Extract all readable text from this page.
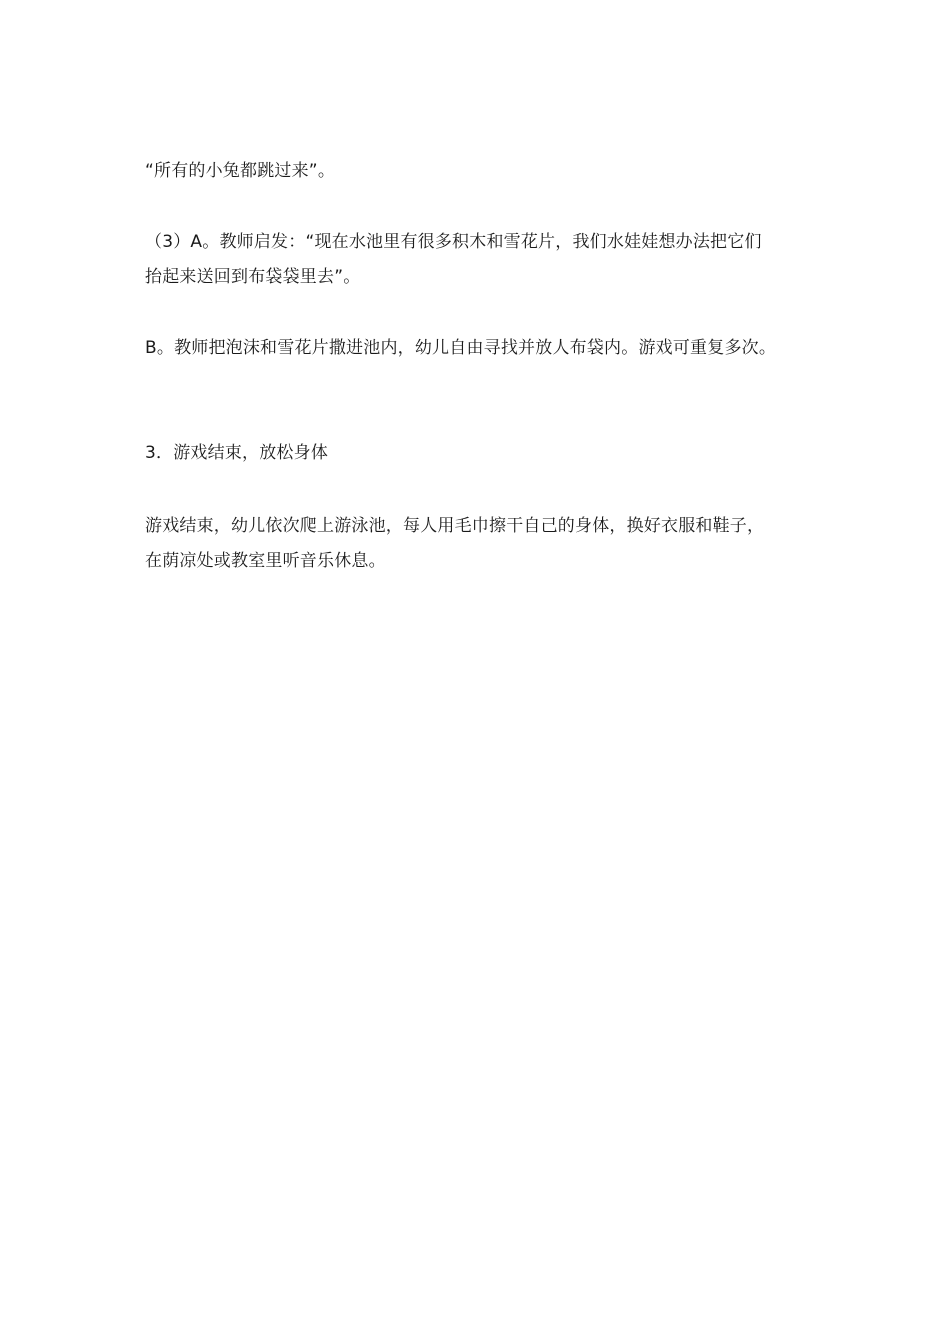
“所有的小兔都跳过来”。
（3）A。教师启发：“现在水池里有很多积木和雪花片，我们水娃娃想办法把它们
抬起来送回到布袋袋里去”。
B。教师把泡沫和雪花片撒进池内，幼儿自由寻找并放人布袋内。游戏可重复多次。
3．游戏结束，放松身体
游戏结束，幼儿依次爬上游泳池，每人用毛巾擦干自己的身体，换好衣服和鞋子，
在荫凉处或教室里听音乐休息。
